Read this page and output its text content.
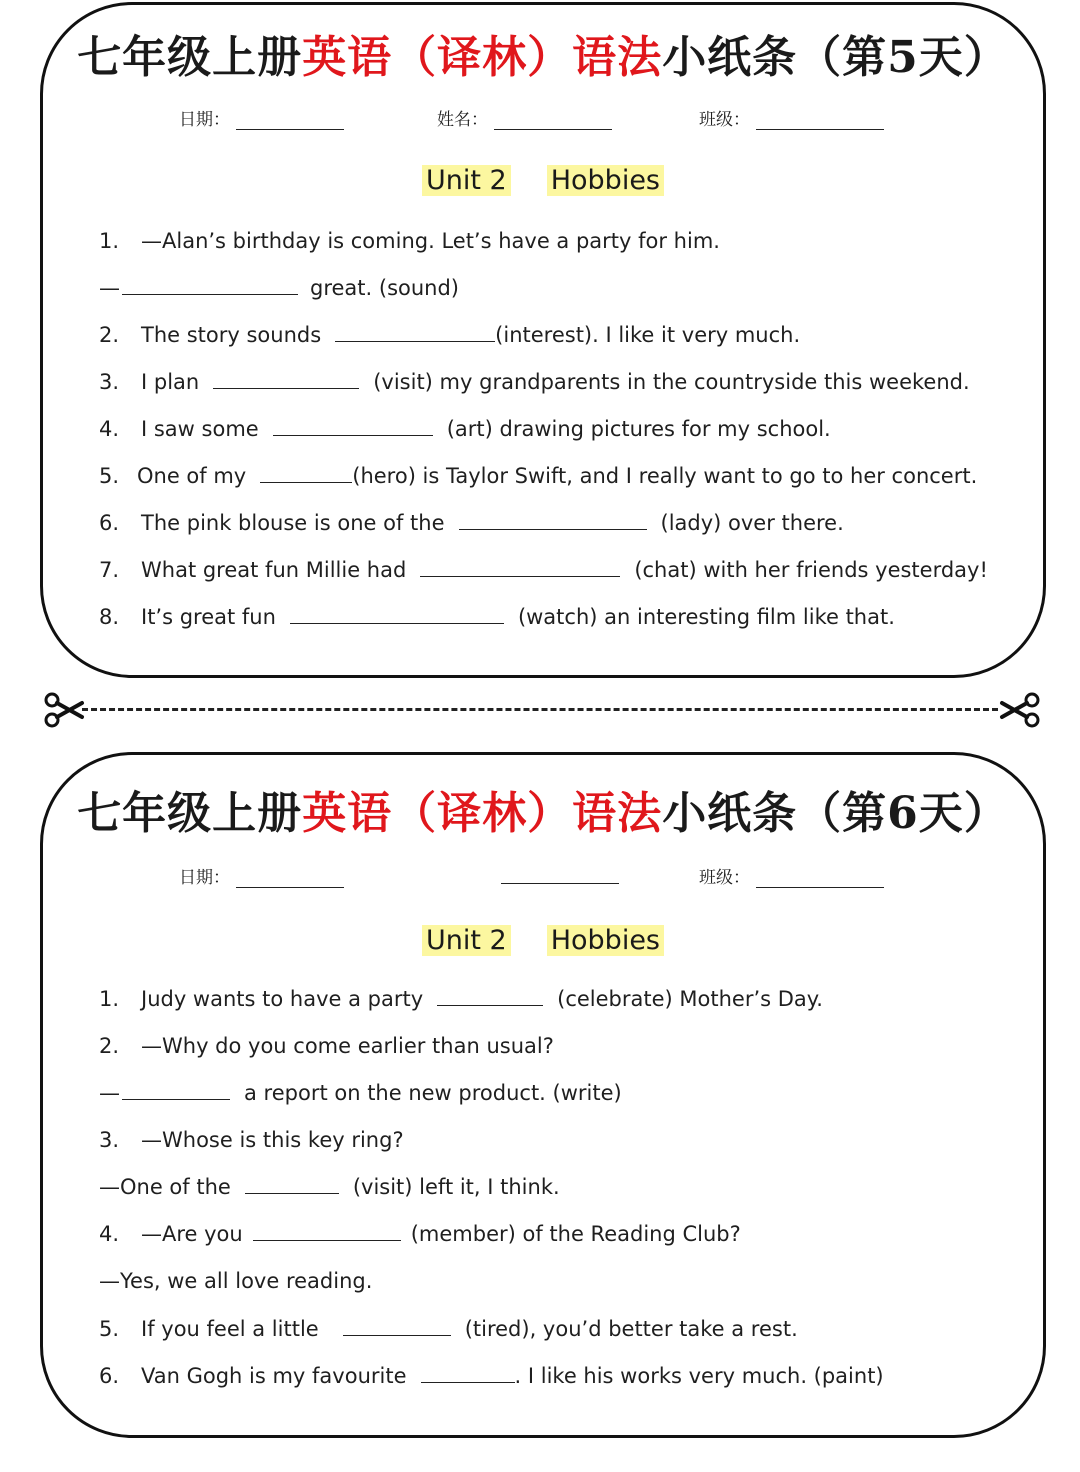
七年级上册英语（译林）语法小纸条（第5天）
日期：	姓名：	班级：
Unit 2 Hobbies
1. —Alan’s birthday is coming. Let’s have a party for him.
—	great. (sound)
2. The story sounds	(interest). I like it very much.
3. I plan	(visit) my grandparents in the countryside this weekend.
4. I saw some	(art) drawing pictures for my school.
5. One of my	(hero) is Taylor Swift, and I really want to go to her concert.
6. The pink blouse is one of the	(lady) over there.
7. What great fun Millie had	(chat) with her friends yesterday!
8. It’s great fun	(watch) an interesting film like that.
七年级上册英语（译林）语法小纸条（第6天）
日期：	班级：
Unit 2 Hobbies
1. Judy wants to have a party	(celebrate) Mother’s Day.
2. —Why do you come earlier than usual?
—	a report on the new product. (write)
3. —Whose is this key ring?
—One of the	(visit) left it, I think.
4. —Are you	(member) of the Reading Club?
—Yes, we all love reading.
5. If you feel a little	(tired), you’d better take a rest.
6. Van Gogh is my favourite	. I like his works very much. (paint)
